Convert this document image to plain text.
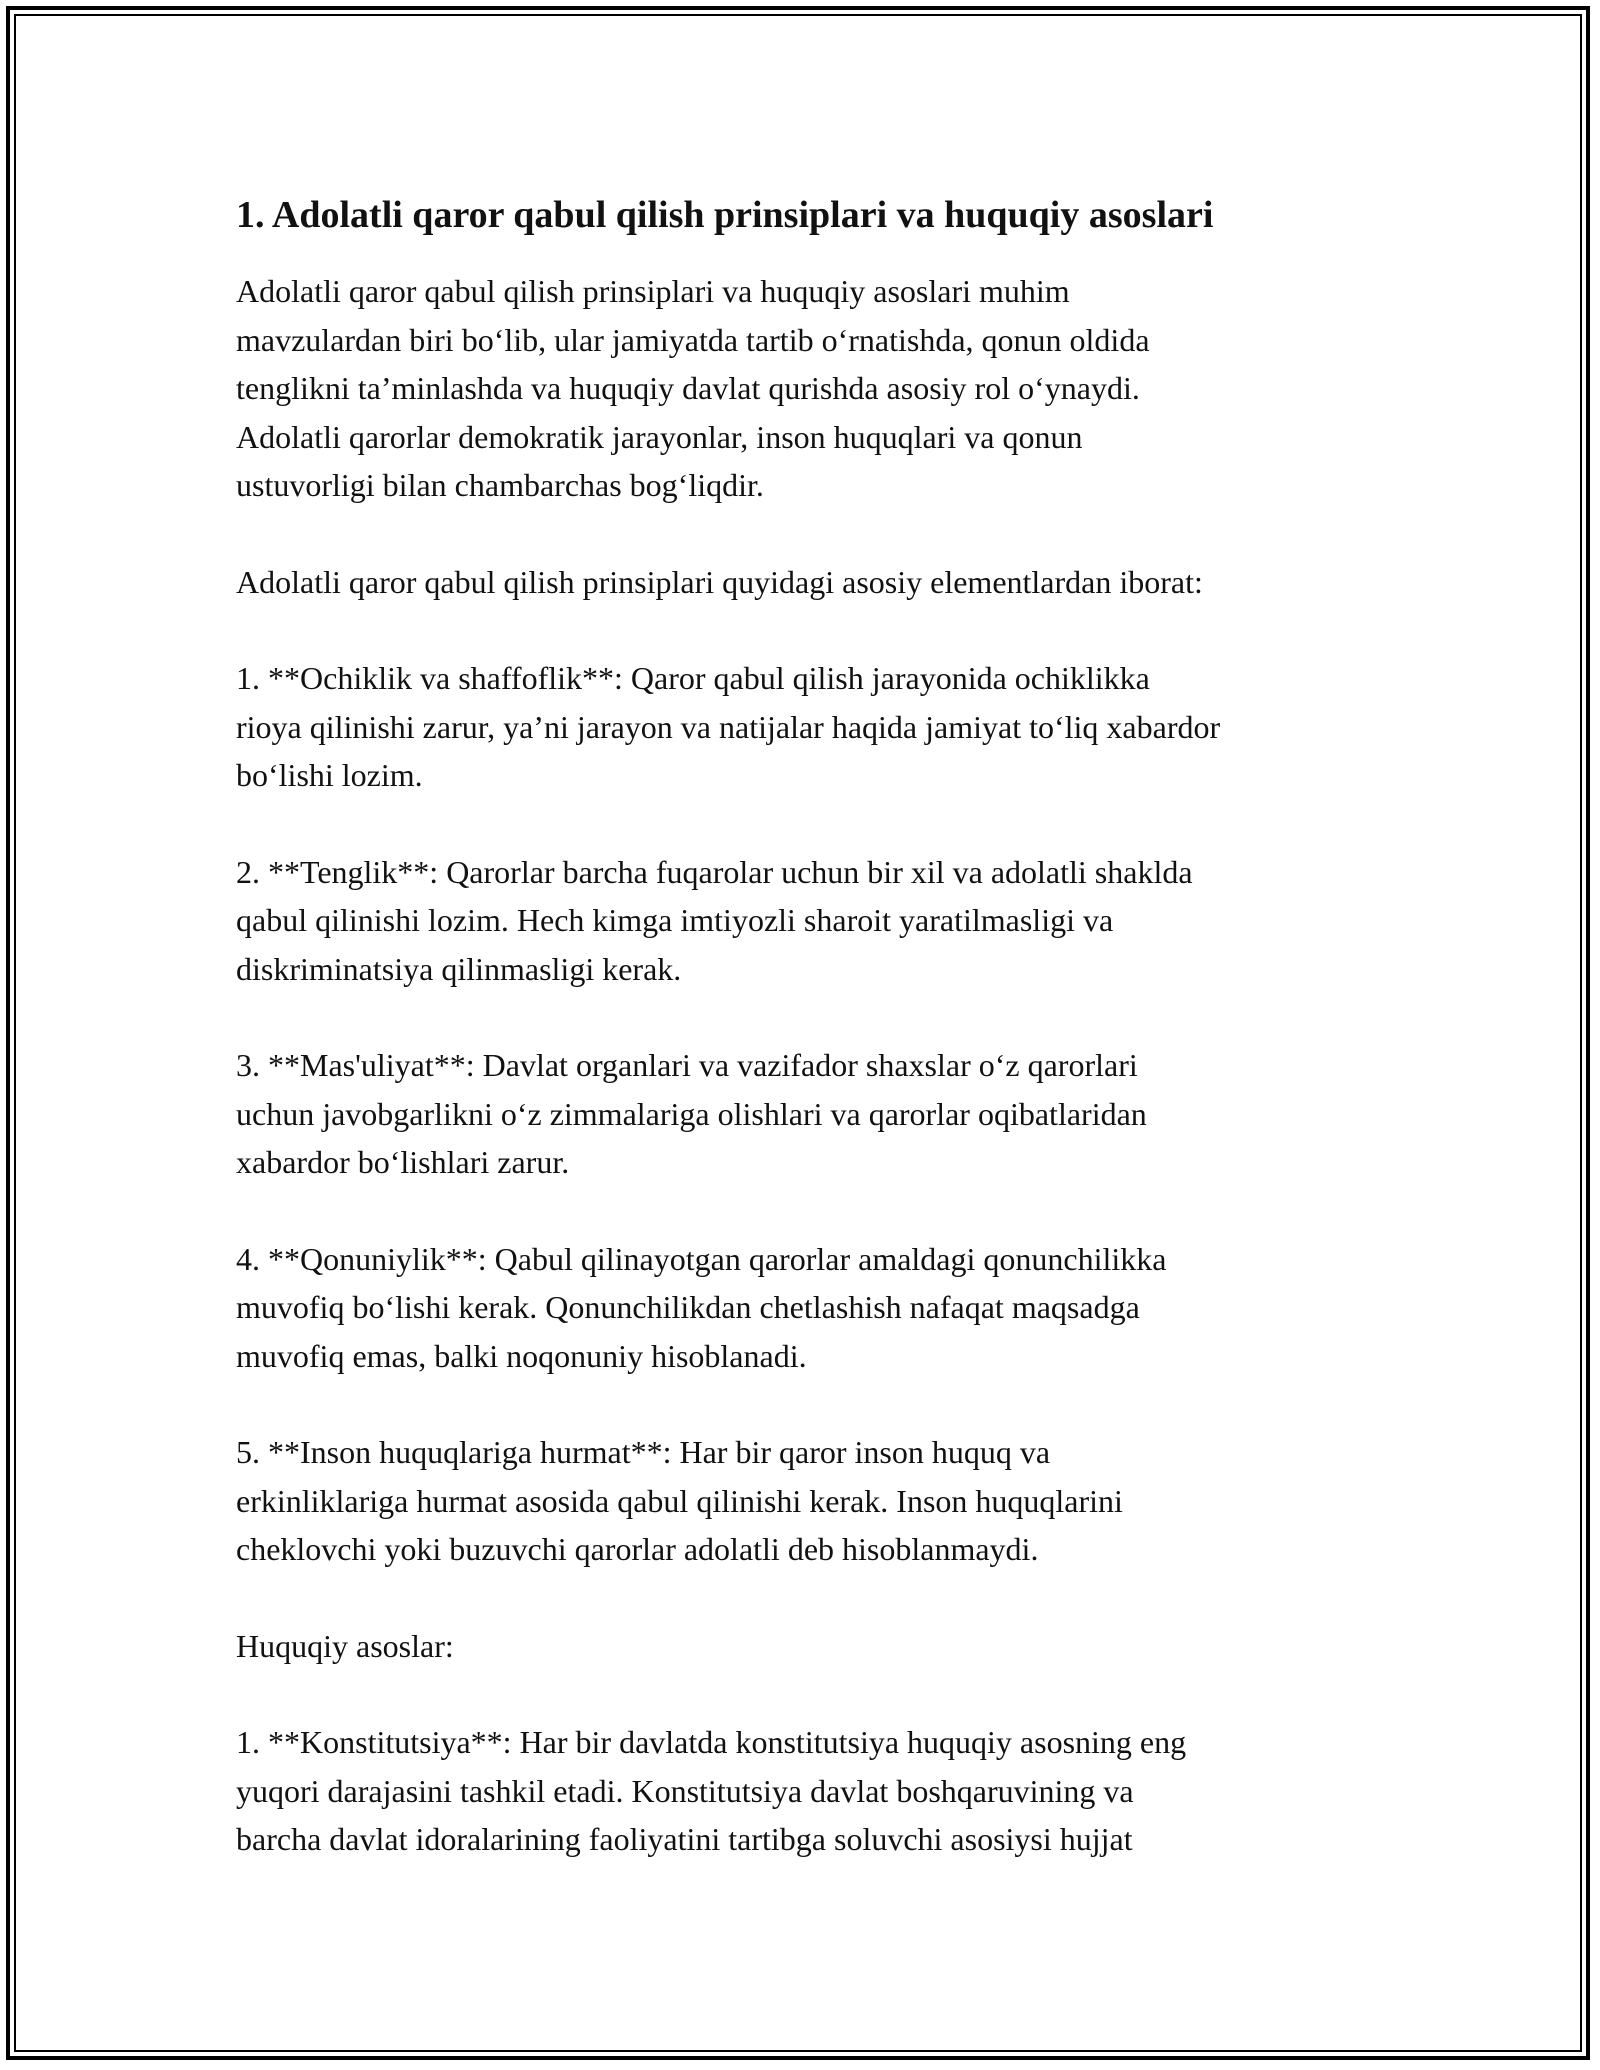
1. Adolatli qaror qabul qilish prinsiplari va huquqiy asoslari

Adolatli qaror qabul qilish prinsiplari va huquqiy asoslari muhim
mavzulardan biri bo‘lib, ular jamiyatda tartib o‘rnatishda, qonun oldida
tenglikni ta’minlashda va huquqiy davlat qurishda asosiy rol o‘ynaydi.
Adolatli qarorlar demokratik jarayonlar, inson huquqlari va qonun
ustuvorligi bilan chambarchas bog‘liqdir.

Adolatli qaror qabul qilish prinsiplari quyidagi asosiy elementlardan iborat:

1. **Ochiklik va shaffoflik**: Qaror qabul qilish jarayonida ochiklikka
rioya qilinishi zarur, ya’ni jarayon va natijalar haqida jamiyat to‘liq xabardor
bo‘lishi lozim.

2. **Tenglik**: Qarorlar barcha fuqarolar uchun bir xil va adolatli shaklda
qabul qilinishi lozim. Hech kimga imtiyozli sharoit yaratilmasligi va
diskriminatsiya qilinmasligi kerak.

3. **Mas'uliyat**: Davlat organlari va vazifador shaxslar o‘z qarorlari
uchun javobgarlikni o‘z zimmalariga olishlari va qarorlar oqibatlaridan
xabardor bo‘lishlari zarur.

4. **Qonuniylik**: Qabul qilinayotgan qarorlar amaldagi qonunchilikka
muvofiq bo‘lishi kerak. Qonunchilikdan chetlashish nafaqat maqsadga
muvofiq emas, balki noqonuniy hisoblanadi.

5. **Inson huquqlariga hurmat**: Har bir qaror inson huquq va
erkinliklariga hurmat asosida qabul qilinishi kerak. Inson huquqlarini
cheklovchi yoki buzuvchi qarorlar adolatli deb hisoblanmaydi.

Huquqiy asoslar:

1. **Konstitutsiya**: Har bir davlatda konstitutsiya huquqiy asosning eng
yuqori darajasini tashkil etadi. Konstitutsiya davlat boshqaruvining va
barcha davlat idoralarining faoliyatini tartibga soluvchi asosiysi hujjat
